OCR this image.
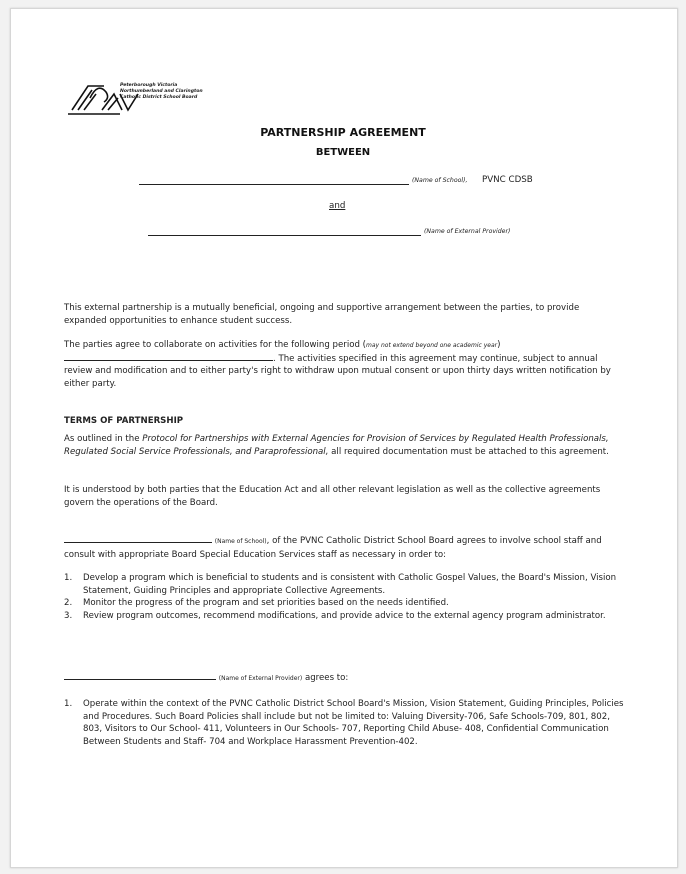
Peterborough Victoria
Northumberland and Clarington
Catholic District School Board
PARTNERSHIP AGREEMENT
BETWEEN
(Name of School), PVNC CDSB
and
(Name of External Provider)

This external partnership is a mutually beneficial, ongoing and supportive arrangement between the parties, to provide expanded opportunities to enhance student success.

The parties agree to collaborate on activities for the following period (may not extend beyond one academic year)
. The activities specified in this agreement may continue, subject to annual review and modification and to either party's right to withdraw upon mutual consent or upon thirty days written notification by either party.

TERMS OF PARTNERSHIP

As outlined in the Protocol for Partnerships with External Agencies for Provision of Services by Regulated Health Professionals, Regulated Social Service Professionals, and Paraprofessional, all required documentation must be attached to this agreement.

It is understood by both parties that the Education Act and all other relevant legislation as well as the collective agreements govern the operations of the Board.

(Name of School), of the PVNC Catholic District School Board agrees to involve school staff and consult with appropriate Board Special Education Services staff as necessary in order to:

1. Develop a program which is beneficial to students and is consistent with Catholic Gospel Values, the Board's Mission, Vision Statement, Guiding Principles and appropriate Collective Agreements.
2. Monitor the progress of the program and set priorities based on the needs identified.
3. Review program outcomes, recommend modifications, and provide advice to the external agency program administrator.

(Name of External Provider) agrees to:

1. Operate within the context of the PVNC Catholic District School Board's Mission, Vision Statement, Guiding Principles, Policies and Procedures. Such Board Policies shall include but not be limited to: Valuing Diversity-706, Safe Schools-709, 801, 802, 803, Visitors to Our School- 411, Volunteers in Our Schools- 707, Reporting Child Abuse- 408, Confidential Communication Between Students and Staff- 704 and Workplace Harassment Prevention-402.
